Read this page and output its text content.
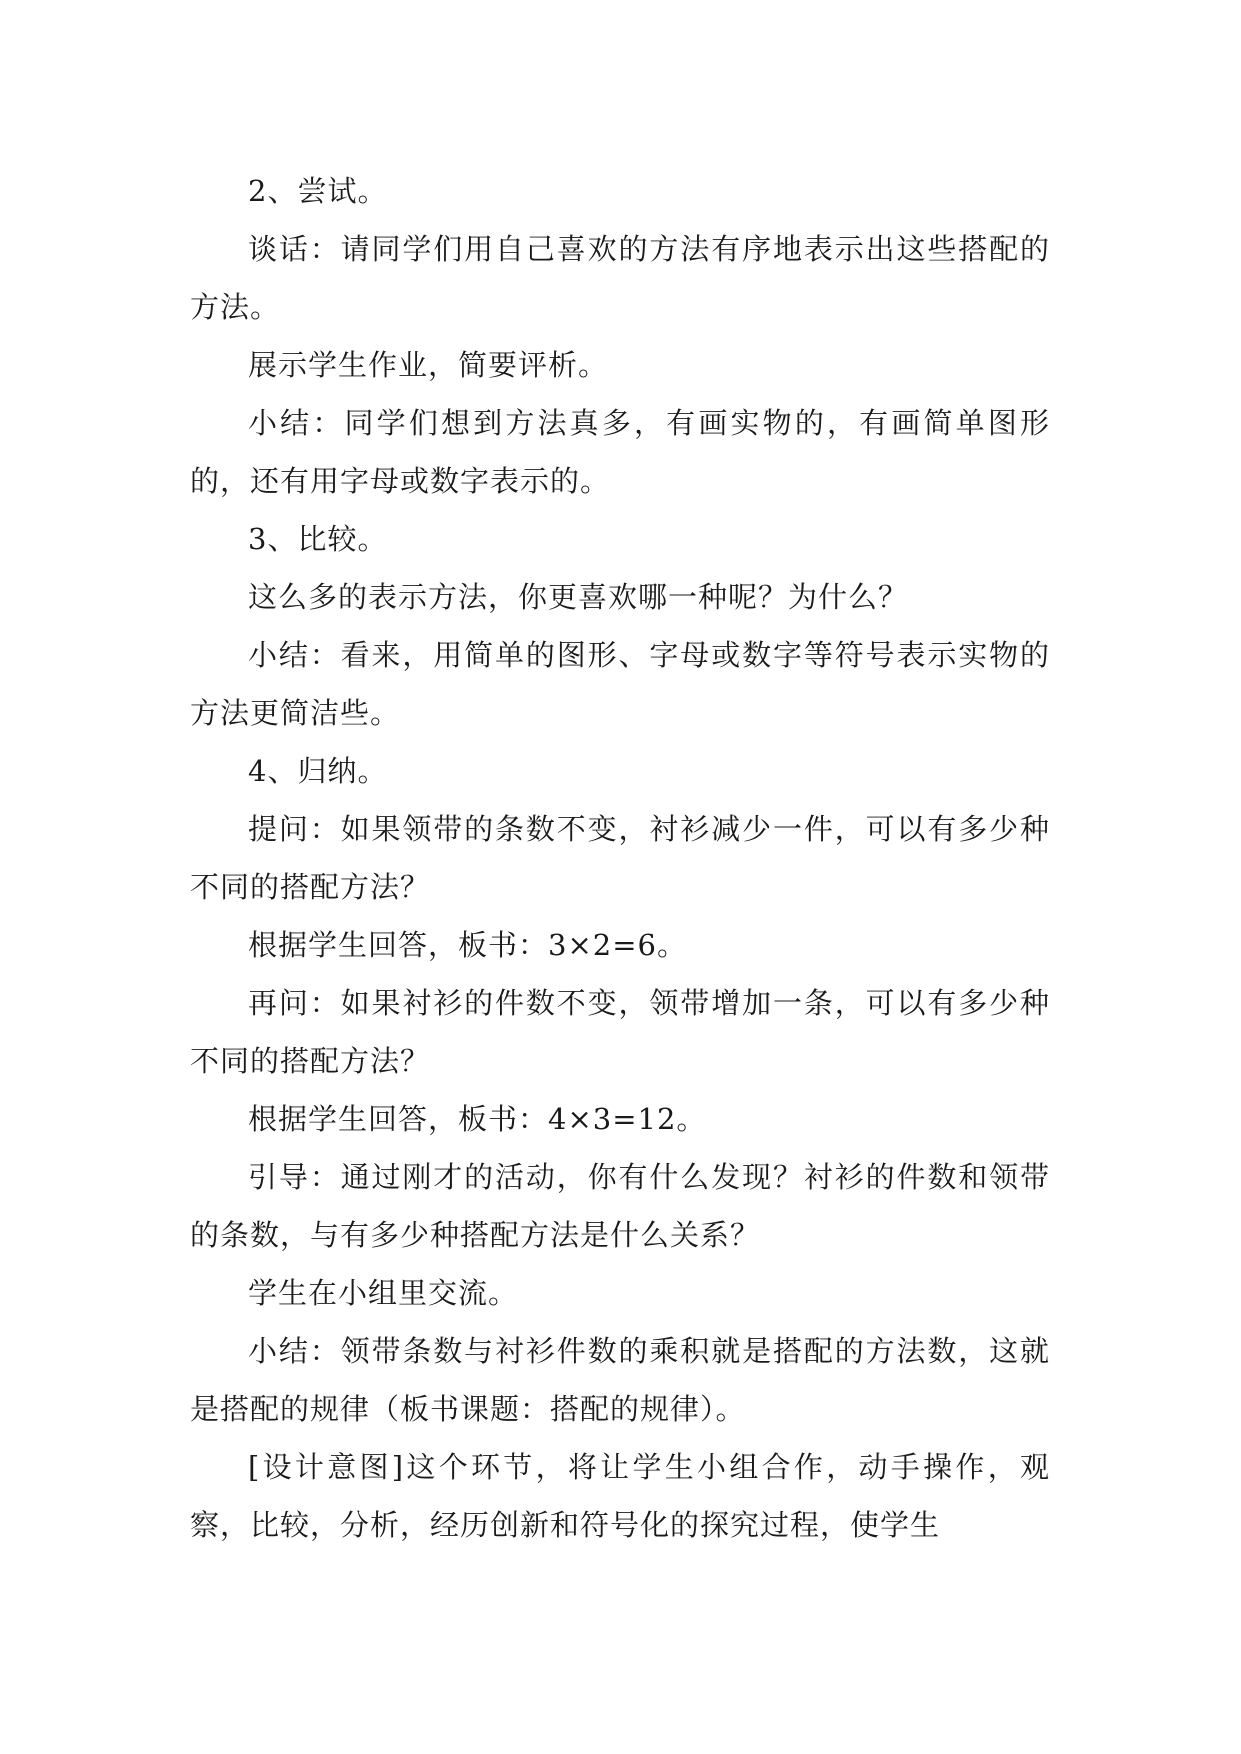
2、尝试。

谈话：请同学们用自己喜欢的方法有序地表示出这些搭配的方法。

展示学生作业，简要评析。

小结：同学们想到方法真多，有画实物的，有画简单图形的，还有用字母或数字表示的。

3、比较。

这么多的表示方法，你更喜欢哪一种呢？为什么？

小结：看来，用简单的图形、字母或数字等符号表示实物的方法更简洁些。

4、归纳。

提问：如果领带的条数不变，衬衫减少一件，可以有多少种不同的搭配方法？

根据学生回答，板书：3×2=6。

再问：如果衬衫的件数不变，领带增加一条，可以有多少种不同的搭配方法？

根据学生回答，板书：4×3=12。

引导：通过刚才的活动，你有什么发现？衬衫的件数和领带的条数，与有多少种搭配方法是什么关系？

学生在小组里交流。

小结：领带条数与衬衫件数的乘积就是搭配的方法数，这就是搭配的规律（板书课题：搭配的规律）。

[设计意图]这个环节，将让学生小组合作，动手操作，观察，比较，分析，经历创新和符号化的探究过程，使学生
